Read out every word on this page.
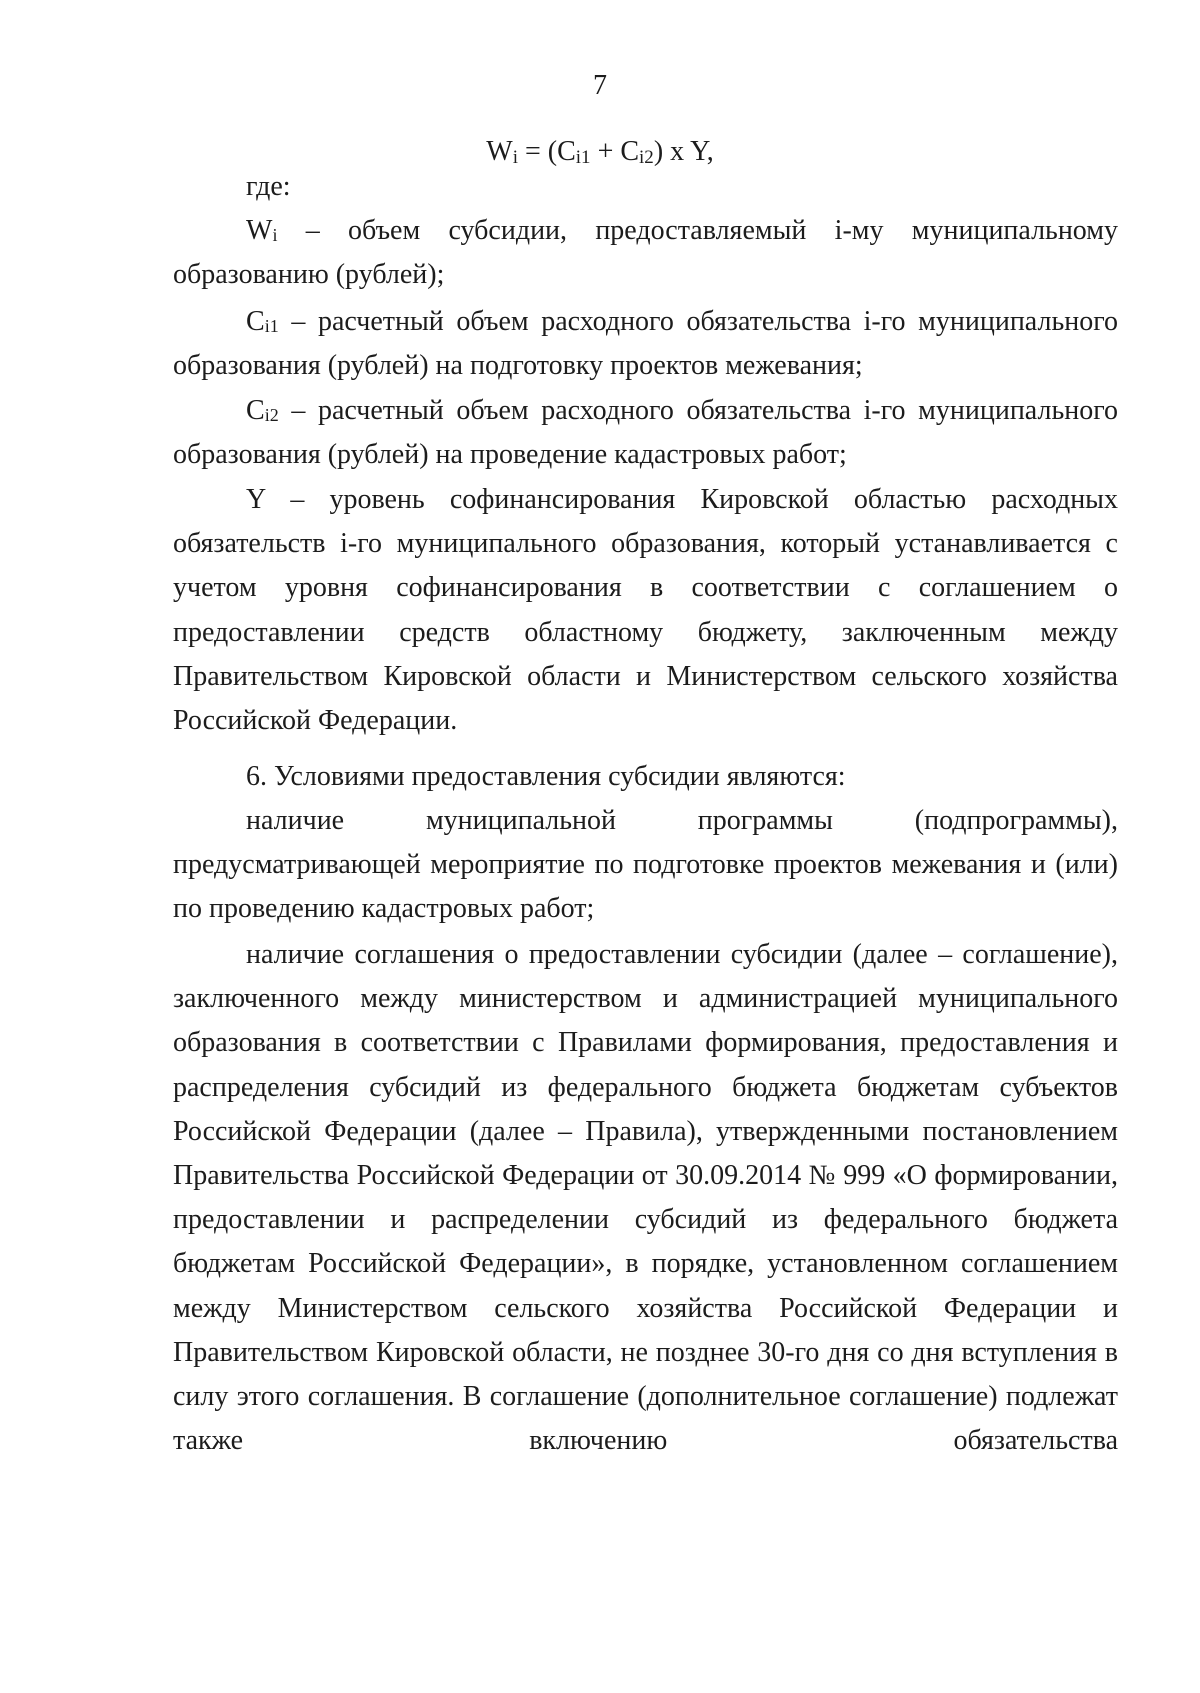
7
$W_i = (C_{i1} + C_{i2})$ x Y,

где:

$W_i$ – объем субсидии, предоставляемый i-му муниципальному образованию (рублей);

$C_{i1}$ – расчетный объем расходного обязательства i-го муниципального образования (рублей) на подготовку проектов межевания;

$C_{i2}$ – расчетный объем расходного обязательства i-го муниципального образования (рублей) на проведение кадастровых работ;

Y – уровень софинансирования Кировской областью расходных обязательств i-го муниципального образования, который устанавливается с учетом уровня софинансирования в соответствии с соглашением о предоставлении средств областному бюджету, заключенным между Правительством Кировской области и Министерством сельского хозяйства Российской Федерации.

6. Условиями предоставления субсидии являются:

наличие муниципальной программы (подпрограммы), предусматривающей мероприятие по подготовке проектов межевания и (или) по проведению кадастровых работ;

наличие соглашения о предоставлении субсидии (далее – соглашение), заключенного между министерством и администрацией муниципального образования в соответствии с Правилами формирования, предоставления и распределения субсидий из федерального бюджета бюджетам субъектов Российской Федерации (далее – Правила), утвержденными постановлением Правительства Российской Федерации от 30.09.2014 № 999 «О формировании, предоставлении и распределении субсидий из федерального бюджета бюджетам Российской Федерации», в порядке, установленном соглашением между Министерством сельского хозяйства Российской Федерации и Правительством Кировской области, не позднее 30-го дня со дня вступления в силу этого соглашения. В соглашение (дополнительное соглашение) подлежат также включению обязательства
